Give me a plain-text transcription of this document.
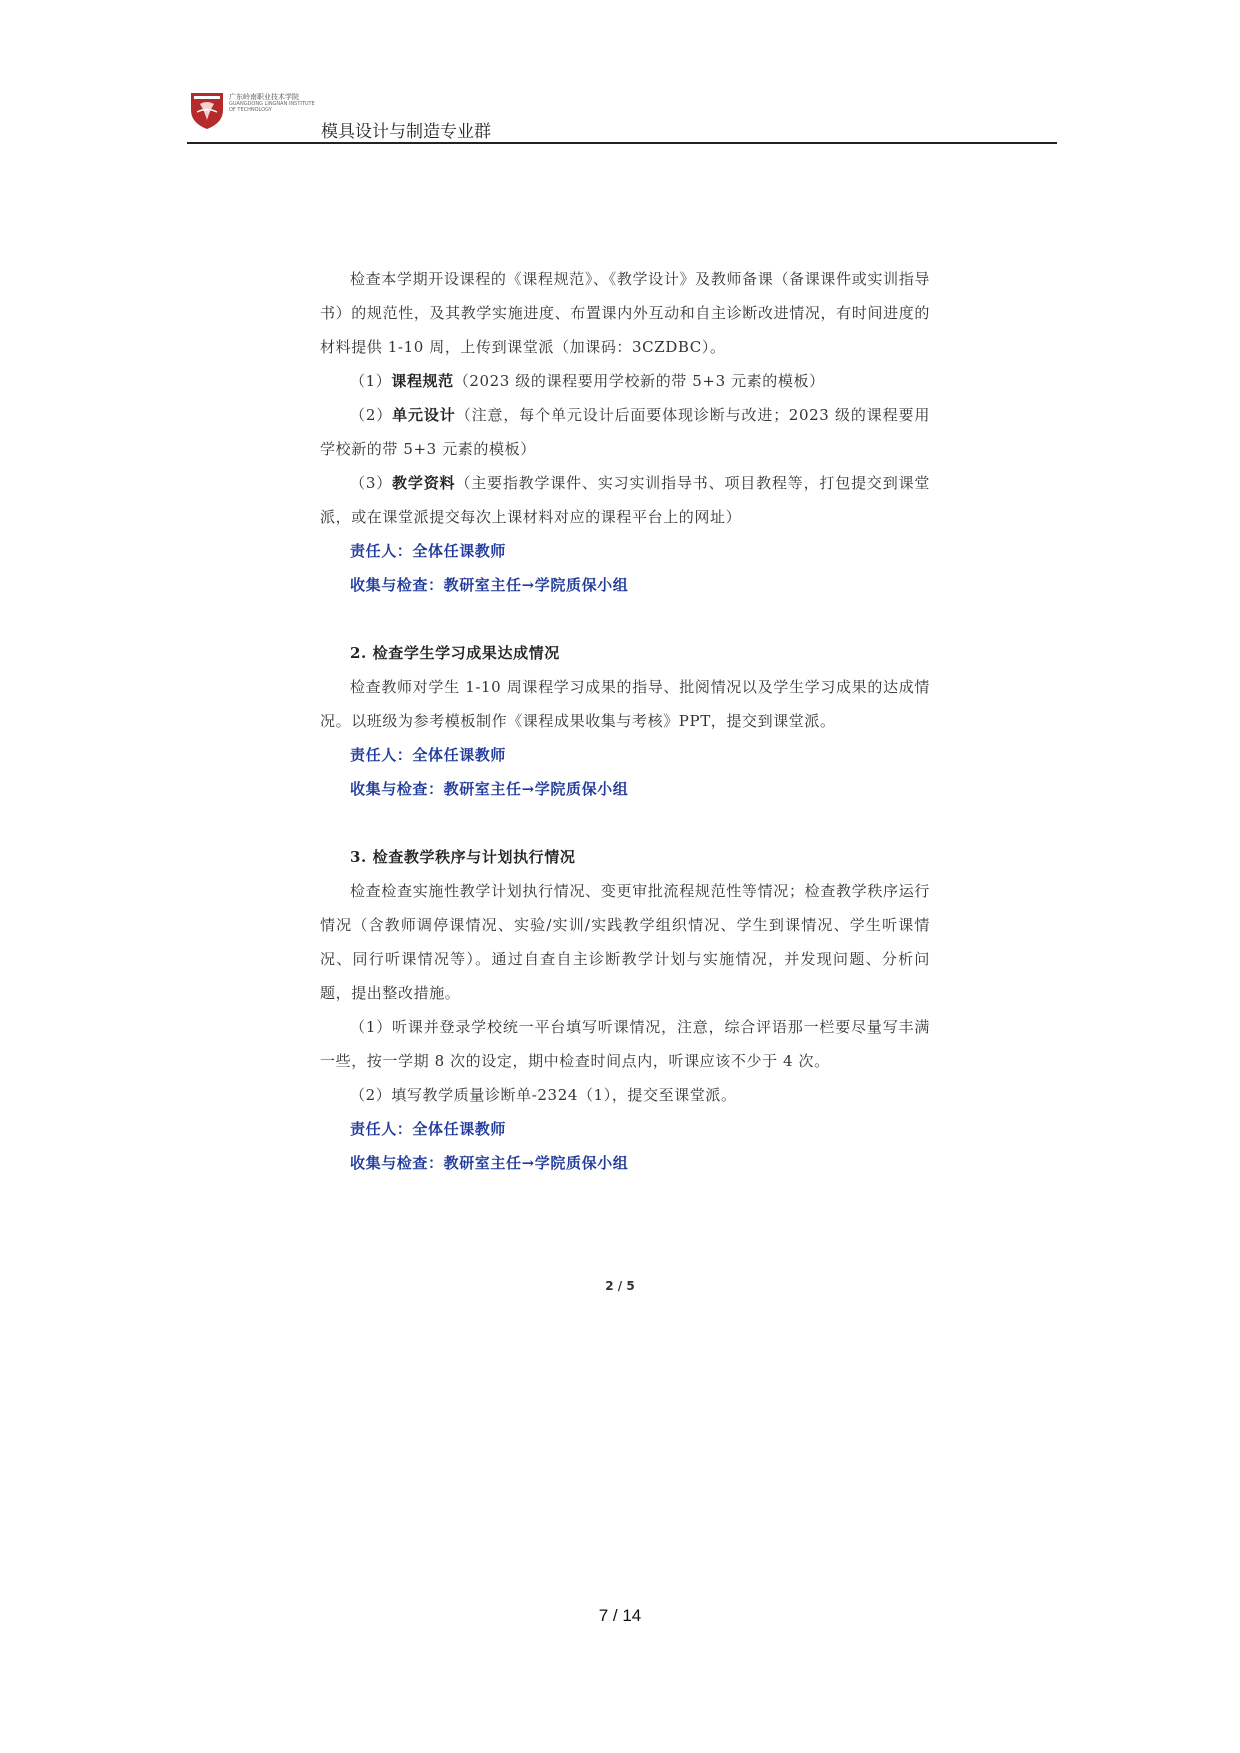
广东岭南职业技术学院
GUANGDONG LINGNAN INSTITUTE OF TECHNOLOGY
模具设计与制造专业群

检查本学期开设课程的《课程规范》、《教学设计》及教师备课（备课课件或实训指导书）的规范性，及其教学实施进度、布置课内外互动和自主诊断改进情况，有时间进度的材料提供 1-10 周，上传到课堂派（加课码：3CZDBC）。

（1）课程规范（2023 级的课程要用学校新的带 5+3 元素的模板）

（2）单元设计（注意，每个单元设计后面要体现诊断与改进；2023 级的课程要用学校新的带 5+3 元素的模板）

（3）教学资料（主要指教学课件、实习实训指导书、项目教程等，打包提交到课堂派，或在课堂派提交每次上课材料对应的课程平台上的网址）

责任人：全体任课教师

收集与检查：教研室主任→学院质保小组

2. 检查学生学习成果达成情况

检查教师对学生 1-10 周课程学习成果的指导、批阅情况以及学生学习成果的达成情况。以班级为参考模板制作《课程成果收集与考核》PPT，提交到课堂派。

责任人：全体任课教师

收集与检查：教研室主任→学院质保小组

3. 检查教学秩序与计划执行情况

检查检查实施性教学计划执行情况、变更审批流程规范性等情况；检查教学秩序运行情况（含教师调停课情况、实验/实训/实践教学组织情况、学生到课情况、学生听课情况、同行听课情况等）。通过自查自主诊断教学计划与实施情况，并发现问题、分析问题，提出整改措施。

（1）听课并登录学校统一平台填写听课情况，注意，综合评语那一栏要尽量写丰满一些，按一学期 8 次的设定，期中检查时间点内，听课应该不少于 4 次。

（2）填写教学质量诊断单-2324（1），提交至课堂派。

责任人：全体任课教师

收集与检查：教研室主任→学院质保小组

2 / 5
7 / 14
